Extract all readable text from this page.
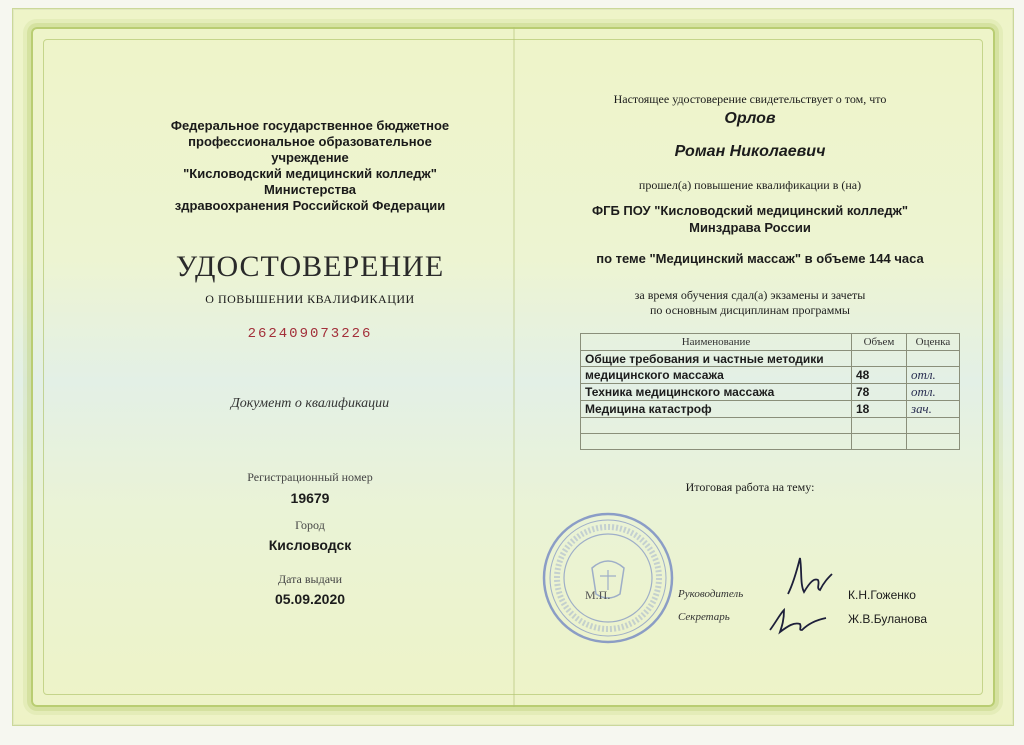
Федеральное государственное бюджетное
профессиональное образовательное учреждение
"Кисловодский медицинский колледж" Министерства
здравоохранения Российской Федерации
УДОСТОВЕРЕНИЕ
О ПОВЫШЕНИИ КВАЛИФИКАЦИИ
262409073226
Документ о квалификации
Регистрационный номер
19679
Город
Кисловодск
Дата выдачи
05.09.2020
Настоящее удостоверение свидетельствует о том, что
Орлов
Роман Николаевич
прошел(а) повышение квалификации в (на)
ФГБ ПОУ "Кисловодский медицинский колледж"
Минздрава России
по теме "Медицинский массаж" в объеме 144 часа
за время обучения сдал(а) экзамены и зачеты
по основным дисциплинам программы
Наименование	Объем	Оценка
Общие требования и частные методики		
медицинского массажа	48	отл.
Техника медицинского массажа	78	отл.
Медицина катастроф	18	зач.

Итоговая работа на тему:
М.П.	Руководитель	К.Н.Гоженко
Секретарь	Ж.В.Буланова
